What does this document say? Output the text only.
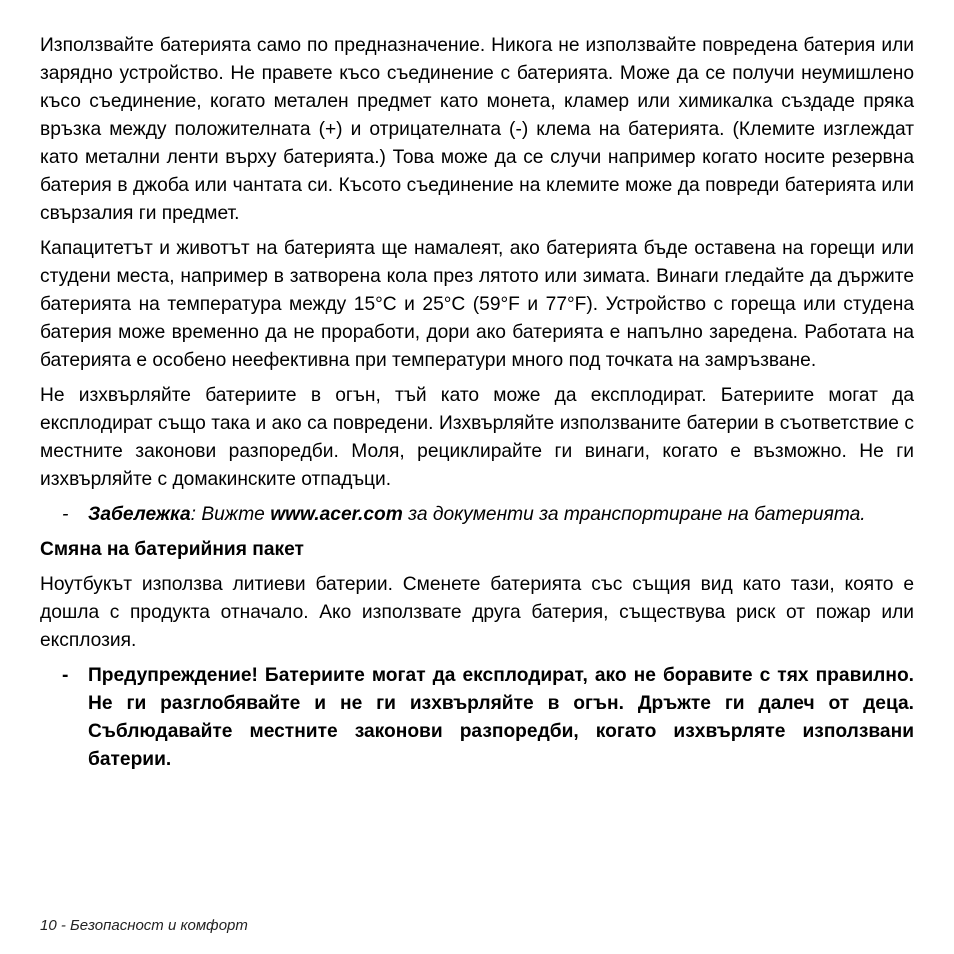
Използвайте батерията само по предназначение. Никога не използвайте повредена батерия или зарядно устройство. Не правете късо съединение с батерията. Може да се получи неумишлено късо съединение, когато метален предмет като монета, кламер или химикалка създаде пряка връзка между положителната (+) и отрицателната (-) клема на батерията. (Клемите изглеждат като метални ленти върху батерията.) Това може да се случи например когато носите резервна батерия в джоба или чантата си. Късото съединение на клемите може да повреди батерията или свързалия ги предмет.

Капацитетът и животът на батерията ще намалеят, ако батерията бъде оставена на горещи или студени места, например в затворена кола през лятото или зимата. Винаги гледайте да държите батерията на температура между 15°C и 25°C (59°F и 77°F). Устройство с гореща или студена батерия може временно да не проработи, дори ако батерията е напълно заредена. Работата на батерията е особено неефективна при температури много под точката на замръзване.

Не изхвърляйте батериите в огън, тъй като може да експлодират. Батериите могат да експлодират също така и ако са повредени. Изхвърляйте използваните батерии в съответствие с местните законови разпоредби. Моля, рециклирайте ги винаги, когато е възможно. Не ги изхвърляйте с домакинските отпадъци.

- Забележка: Вижте www.acer.com за документи за транспортиране на батерията.
Смяна на батерийния пакет

Ноутбукът използва литиеви батерии. Сменете батерията със същия вид като тази, която е дошла с продукта отначало. Ако използвате друга батерия, съществува риск от пожар или експлозия.

- Предупреждение! Батериите могат да експлодират, ако не боравите с тях правилно. Не ги разглобявайте и не ги изхвърляйте в огън. Дръжте ги далеч от деца. Съблюдавайте местните законови разпоредби, когато изхвърляте използвани батерии.
10 - Безопасност и комфорт
